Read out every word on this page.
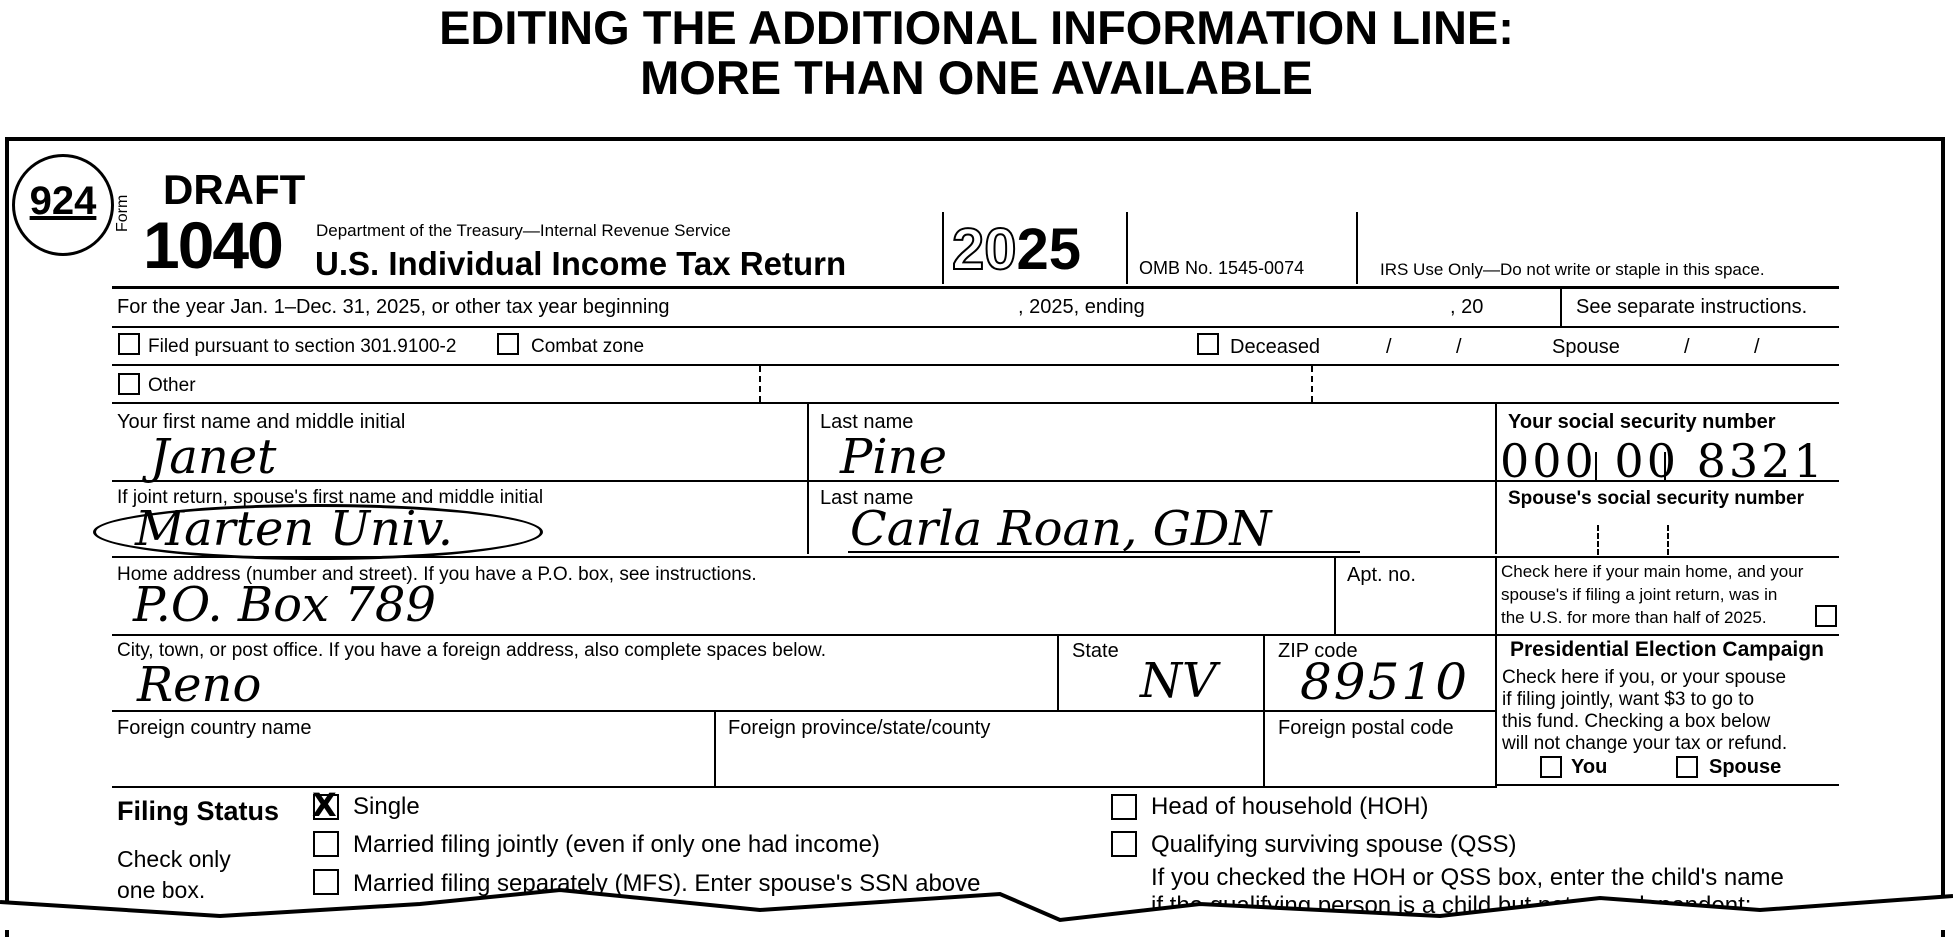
EDITING THE ADDITIONAL INFORMATION LINE:
MORE THAN ONE AVAILABLE
924	DRAFT
Form 1040 Department of the Treasury—Internal Revenue Service
U.S. Individual Income Tax Return 2025	OMB No. 1545-0074	IRS Use Only—Do not write or staple in this space.
For the year Jan. 1–Dec. 31, 2025, or other tax year beginning	, 2025, ending	, 20	See separate instructions.
Filed pursuant to section 301.9100-2	Combat zone	Deceased	/	/	Spouse	/	/
Other
Your first name and middle initial
Janet
Last name
Pine
Your social security number
000 00 8321
If joint return, spouse's first name and middle initial
Marten Univ.
Last name
Carla Roan, GDN
Spouse's social security number
Home address (number and street). If you have a P.O. box, see instructions.
P.O. Box 789
Apt. no.	Check here if your main home, and your
spouse's if filing a joint return, was in
the U.S. for more than half of 2025.
City, town, or post office. If you have a foreign address, also complete spaces below.
Reno
State
NV
ZIP code
89510
Foreign country name	Foreign province/state/county	Foreign postal code
Presidential Election Campaign
Check here if you, or your spouse
if filing jointly, want $3 to go to
this fund. Checking a box below
will not change your tax or refund.
You	Spouse
Filing Status
Check only
one box.
X Single
Married filing jointly (even if only one had income)
Married filing separately (MFS). Enter spouse's SSN above
Head of household (HOH)
Qualifying surviving spouse (QSS)
If you checked the HOH or QSS box, enter the child's name
if the qualifying person is a child but not your dependent:
